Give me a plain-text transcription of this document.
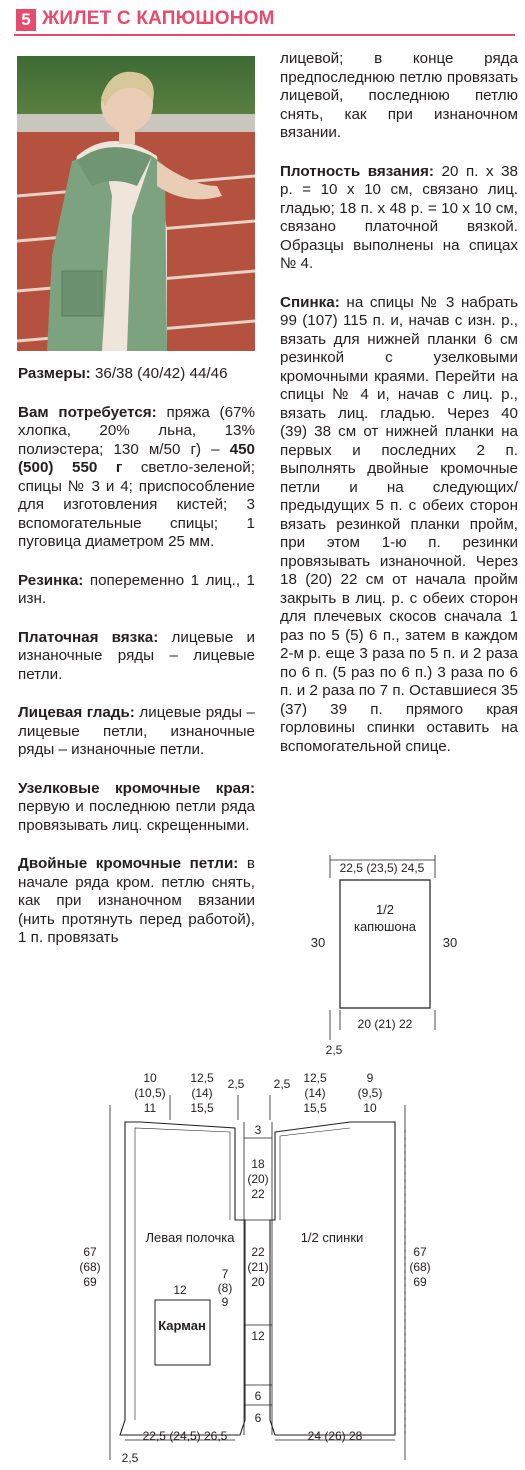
5 ЖИЛЕТ С КАПЮШОНОМ

Размеры: 36/38 (40/42) 44/46

Вам потребуется: пряжа (67% хлопка, 20% льна, 13% полиэстера; 130 м/50 г) – 450 (500) 550 г светло-зеленой; спицы № 3 и 4; приспособление для изготовления кистей; 3 вспомогательные спицы; 1 пуговица диаметром 25 мм.

Резинка: попеременно 1 лиц., 1 изн.

Платочная вязка: лицевые и изнаночные ряды – лицевые петли.

Лицевая гладь: лицевые ряды – лицевые петли, изнаночные ряды – изнаночные петли.

Узелковые кромочные края: первую и последнюю петли ряда провязывать лиц. скрещенными.

Двойные кромочные петли: в начале ряда кром. петлю снять, как при изнаночном вязании (нить протянуть перед работой), 1 п. провязать

лицевой; в конце ряда предпоследнюю петлю провязать лицевой, последнюю петлю снять, как при изнаночном вязании.

Плотность вязания: 20 п. x 38 р. = 10 x 10 см, связано лиц. гладью; 18 п. x 48 р. = 10 x 10 см, связано платочной вязкой. Образцы выполнены на спицах № 4.

Спинка: на спицы № 3 набрать 99 (107) 115 п. и, начав с изн. р., вязать для нижней планки 6 см резинкой с узелковыми кромочными краями. Перейти на спицы № 4 и, начав с лиц. р., вязать лиц. гладью. Через 40 (39) 38 см от нижней планки на первых и последних 2 п. выполнять двойные кромочные петли и на следующих/предыдущих 5 п. с обеих сторон вязать резинкой планки пройм, при этом 1-ю п. резинки провязывать изнаночной. Через 18 (20) 22 см от начала пройм закрыть в лиц. р. с обеих сторон для плечевых скосов сначала 1 раз по 5 (5) 6 п., затем в каждом 2-м р. еще 3 раза по 5 п. и 2 раза по 6 п. (5 раз по 6 п.) 3 раза по 6 п. и 2 раза по 7 п. Оставшиеся 35 (37) 39 п. прямого края горловины спинки оставить на вспомогательной спице.

22,5 (23,5) 24,5
1/2
капюшона
30	30
20 (21) 22
2,5
10
(10,5)
11
12,5
(14)
15,5
2,5 2,5 12,5
(14)
15,5
9
(9,5)
10
Левая полочка	1/2 спинки
67
(68)
69
67
(68)
69
3
18
(20)
22
22
(21)
20
12
6
6
7
(8)
9
12
Карман
22,5 (24,5) 26,5	24 (26) 28
2,5
